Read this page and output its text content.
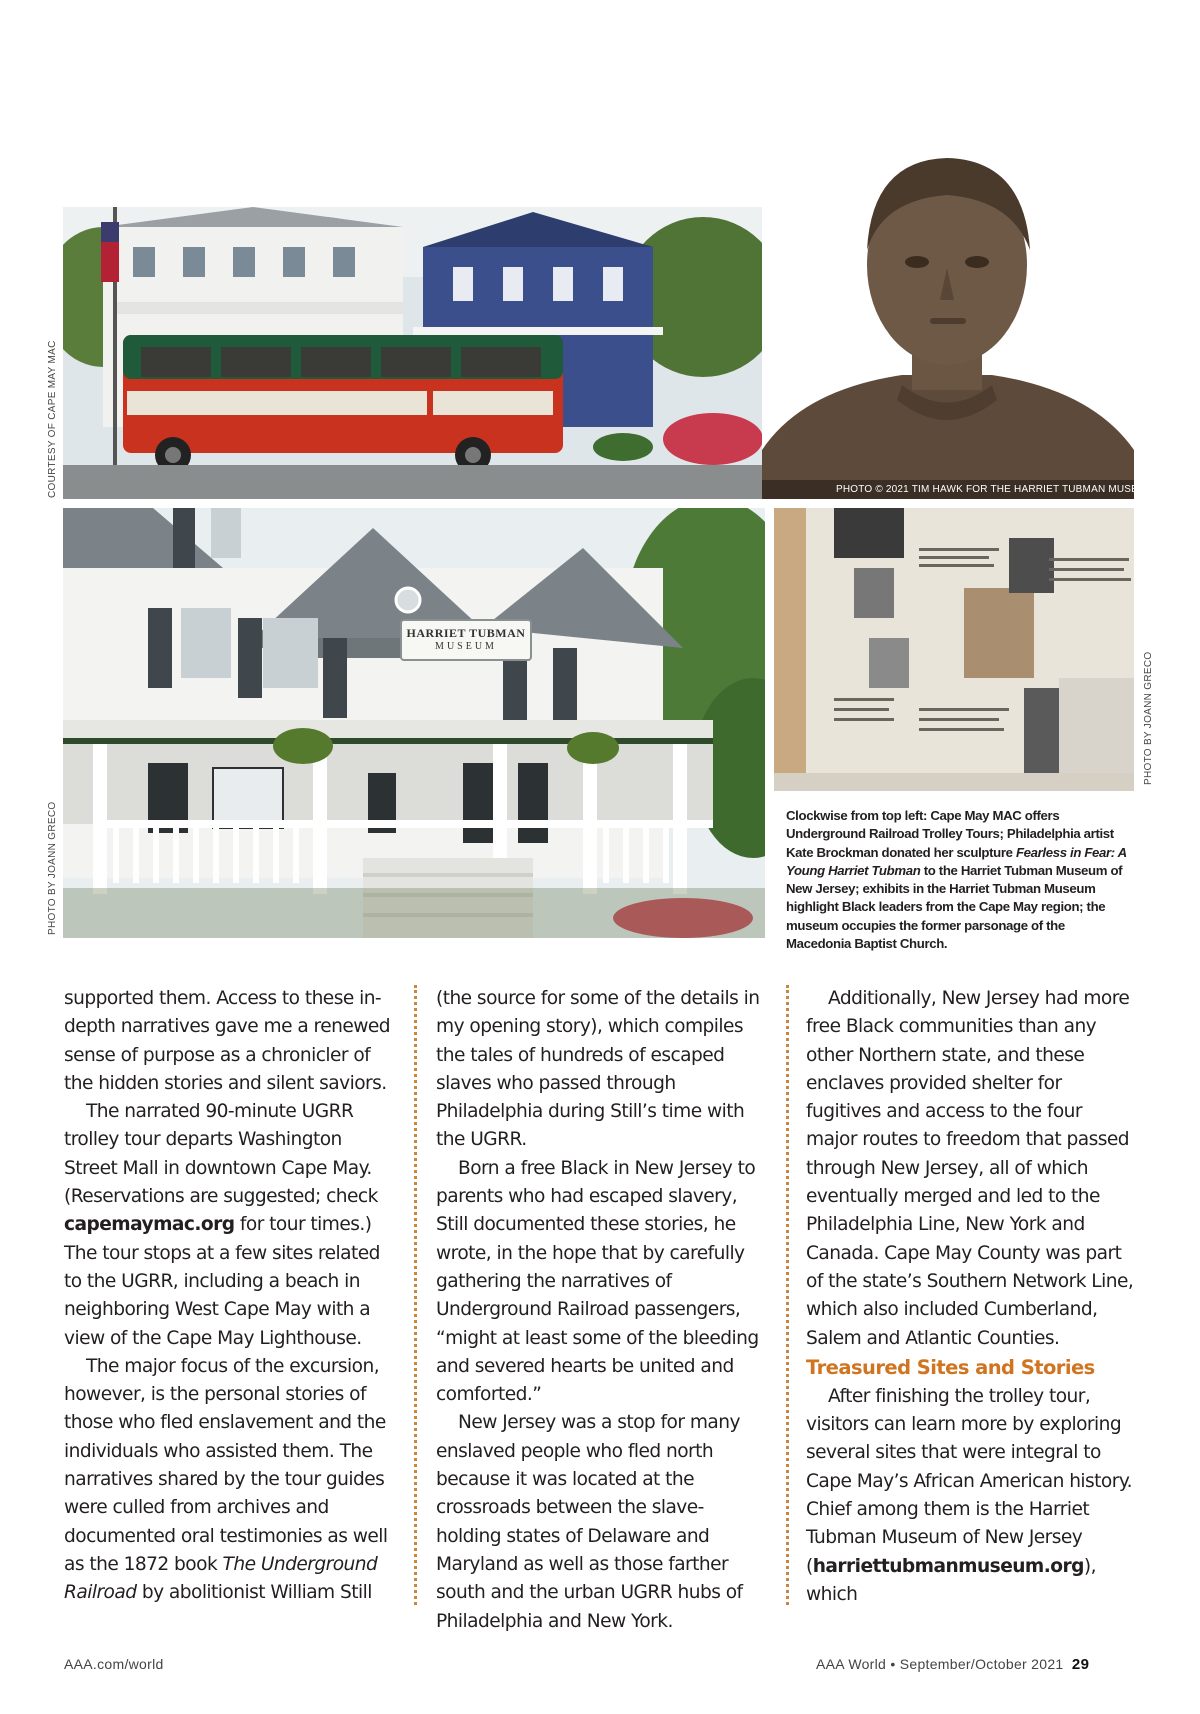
COURTESY OF CAPE MAY MAC	PHOTO © 2021 TIM HAWK FOR THE HARRIET TUBMAN MUSEUM
HARRIET TUBMAN
MUSEUM
PHOTO BY JOANN GRECO
PHOTO BY JOANN GRECO
Clockwise from top left: Cape May MAC offers Underground Railroad Trolley Tours; Philadelphia artist Kate Brockman donated her sculpture Fearless in Fear: A Young Harriet Tubman to the Harriet Tubman Museum of New Jersey; exhibits in the Harriet Tubman Museum highlight Black leaders from the Cape May region; the museum occupies the former parsonage of the Macedonia Baptist Church.

supported them. Access to these in-depth narratives gave me a renewed sense of purpose as a chronicler of the hidden stories and silent saviors.

The narrated 90-minute UGRR trolley tour departs Washington Street Mall in downtown Cape May. (Reservations are suggested; check capemaymac.org for tour times.) The tour stops at a few sites related to the UGRR, including a beach in neighboring West Cape May with a view of the Cape May Lighthouse.

The major focus of the excursion, however, is the personal stories of those who fled enslavement and the individuals who assisted them. The narratives shared by the tour guides were culled from archives and documented oral testimonies as well as the 1872 book The Underground Railroad by abolitionist William Still

(the source for some of the details in my opening story), which compiles the tales of hundreds of escaped slaves who passed through Philadelphia during Still’s time with the UGRR.

Born a free Black in New Jersey to parents who had escaped slavery, Still documented these stories, he wrote, in the hope that by carefully gathering the narratives of Underground Railroad passengers, “might at least some of the bleeding and severed hearts be united and comforted.”

New Jersey was a stop for many enslaved people who fled north because it was located at the crossroads between the slave-holding states of Delaware and Maryland as well as those farther south and the urban UGRR hubs of Philadelphia and New York.

Additionally, New Jersey had more free Black communities than any other Northern state, and these enclaves provided shelter for fugitives and access to the four major routes to freedom that passed through New Jersey, all of which eventually merged and led to the Philadelphia Line, New York and Canada. Cape May County was part of the state’s Southern Network Line, which also included Cumberland, Salem and Atlantic Counties.

Treasured Sites and Stories

After finishing the trolley tour, visitors can learn more by exploring several sites that were integral to Cape May’s African American history. Chief among them is the Harriet Tubman Museum of New Jersey (harriettubmanmuseum.org), which

AAA.com/world	AAA World • September/October 2021 29
